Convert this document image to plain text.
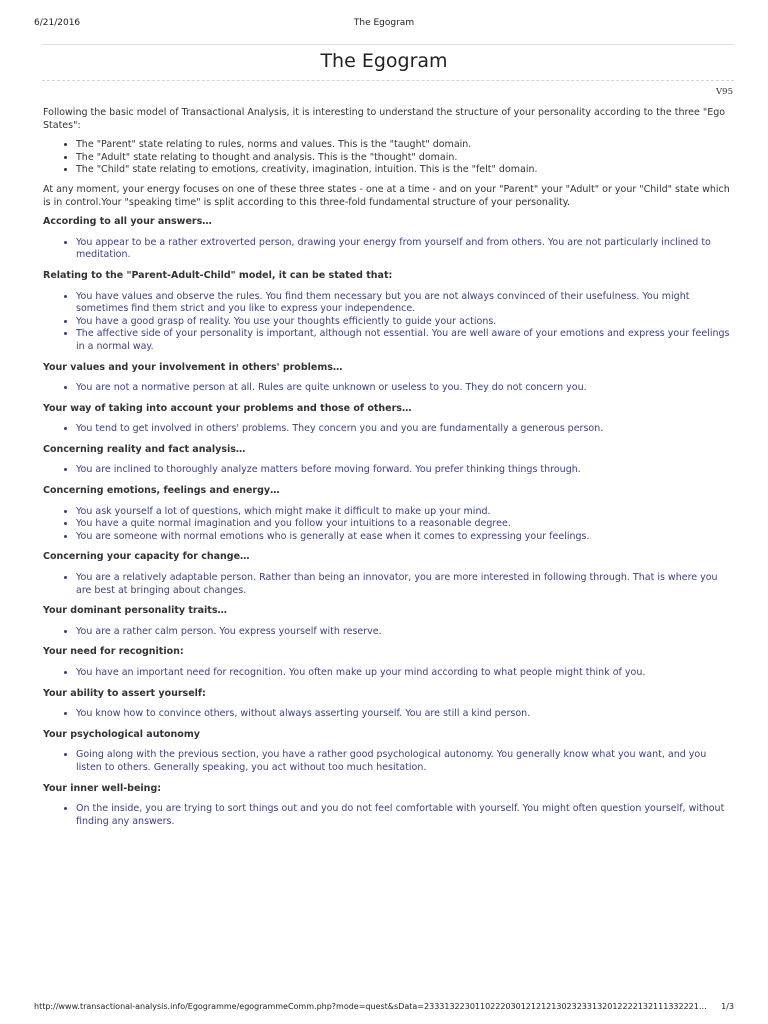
6/21/2016	The Egogram
The Egogram
V95

Following the basic model of Transactional Analysis, it is interesting to understand the structure of your personality according to the three "Ego States":

• The "Parent" state relating to rules, norms and values. This is the "taught" domain.
• The "Adult" state relating to thought and analysis. This is the "thought" domain.
• The "Child" state relating to emotions, creativity, imagination, intuition. This is the "felt" domain.

At any moment, your energy focuses on one of these three states - one at a time - and on your "Parent" your "Adult" or your "Child" state which is in control.Your "speaking time" is split according to this three-fold fundamental structure of your personality.

According to all your answers…
• You appear to be a rather extroverted person, drawing your energy from yourself and from others. You are not particularly inclined to meditation.
Relating to the "Parent-Adult-Child" model, it can be stated that:
• You have values and observe the rules. You find them necessary but you are not always convinced of their usefulness. You might sometimes find them strict and you like to express your independence.
• You have a good grasp of reality. You use your thoughts efficiently to guide your actions.
• The affective side of your personality is important, although not essential. You are well aware of your emotions and express your feelings in a normal way.
Your values and your involvement in others' problems…
• You are not a normative person at all. Rules are quite unknown or useless to you. They do not concern you.
Your way of taking into account your problems and those of others…
• You tend to get involved in others' problems. They concern you and you are fundamentally a generous person.
Concerning reality and fact analysis…
• You are inclined to thoroughly analyze matters before moving forward. You prefer thinking things through.
Concerning emotions, feelings and energy…
• You ask yourself a lot of questions, which might make it difficult to make up your mind.
• You have a quite normal imagination and you follow your intuitions to a reasonable degree.
• You are someone with normal emotions who is generally at ease when it comes to expressing your feelings.
Concerning your capacity for change…
• You are a relatively adaptable person. Rather than being an innovator, you are more interested in following through. That is where you are best at bringing about changes.
Your dominant personality traits…
• You are a rather calm person. You express yourself with reserve.
Your need for recognition:
• You have an important need for recognition. You often make up your mind according to what people might think of you.
Your ability to assert yourself:
• You know how to convince others, without always asserting yourself. You are still a kind person.
Your psychological autonomy
• Going along with the previous section, you have a rather good psychological autonomy. You generally know what you want, and you listen to others. Generally speaking, you act without too much hesitation.
Your inner well-being:
• On the inside, you are trying to sort things out and you do not feel comfortable with yourself. You might often question yourself, without finding any answers.
http://www.transactional-analysis.info/Egogramme/egogrammeComm.php?mode=quest&sData=233313223011022203012121213023233132012222132111332221… 1/3
